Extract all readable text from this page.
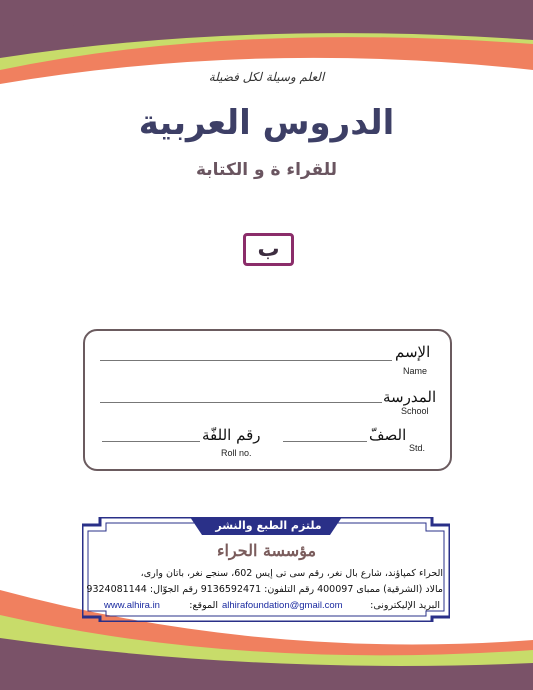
العلم وسيلة لكل فضيلة
الدروس العربية
للقراء ة و الكتابة
ب
الإسم
Name
المدرسة
School
الصفّ
Std.
رقم اللفّة
Roll no.
ملتزم الطبع والنشر
مؤسسة الحراء
الحراء كمپاؤند، شارع بال نغر، رقم سى تى إيس 602، سنجے نغر، باتان واری،
مالاد (الشرقية) ممباى 400097 رقم التلفون: 9136592471 رقم الجوّال: 9324081144
البريد الإليكترونى:
alhirafoundation@gmail.com
الموقع:
www.alhira.in
